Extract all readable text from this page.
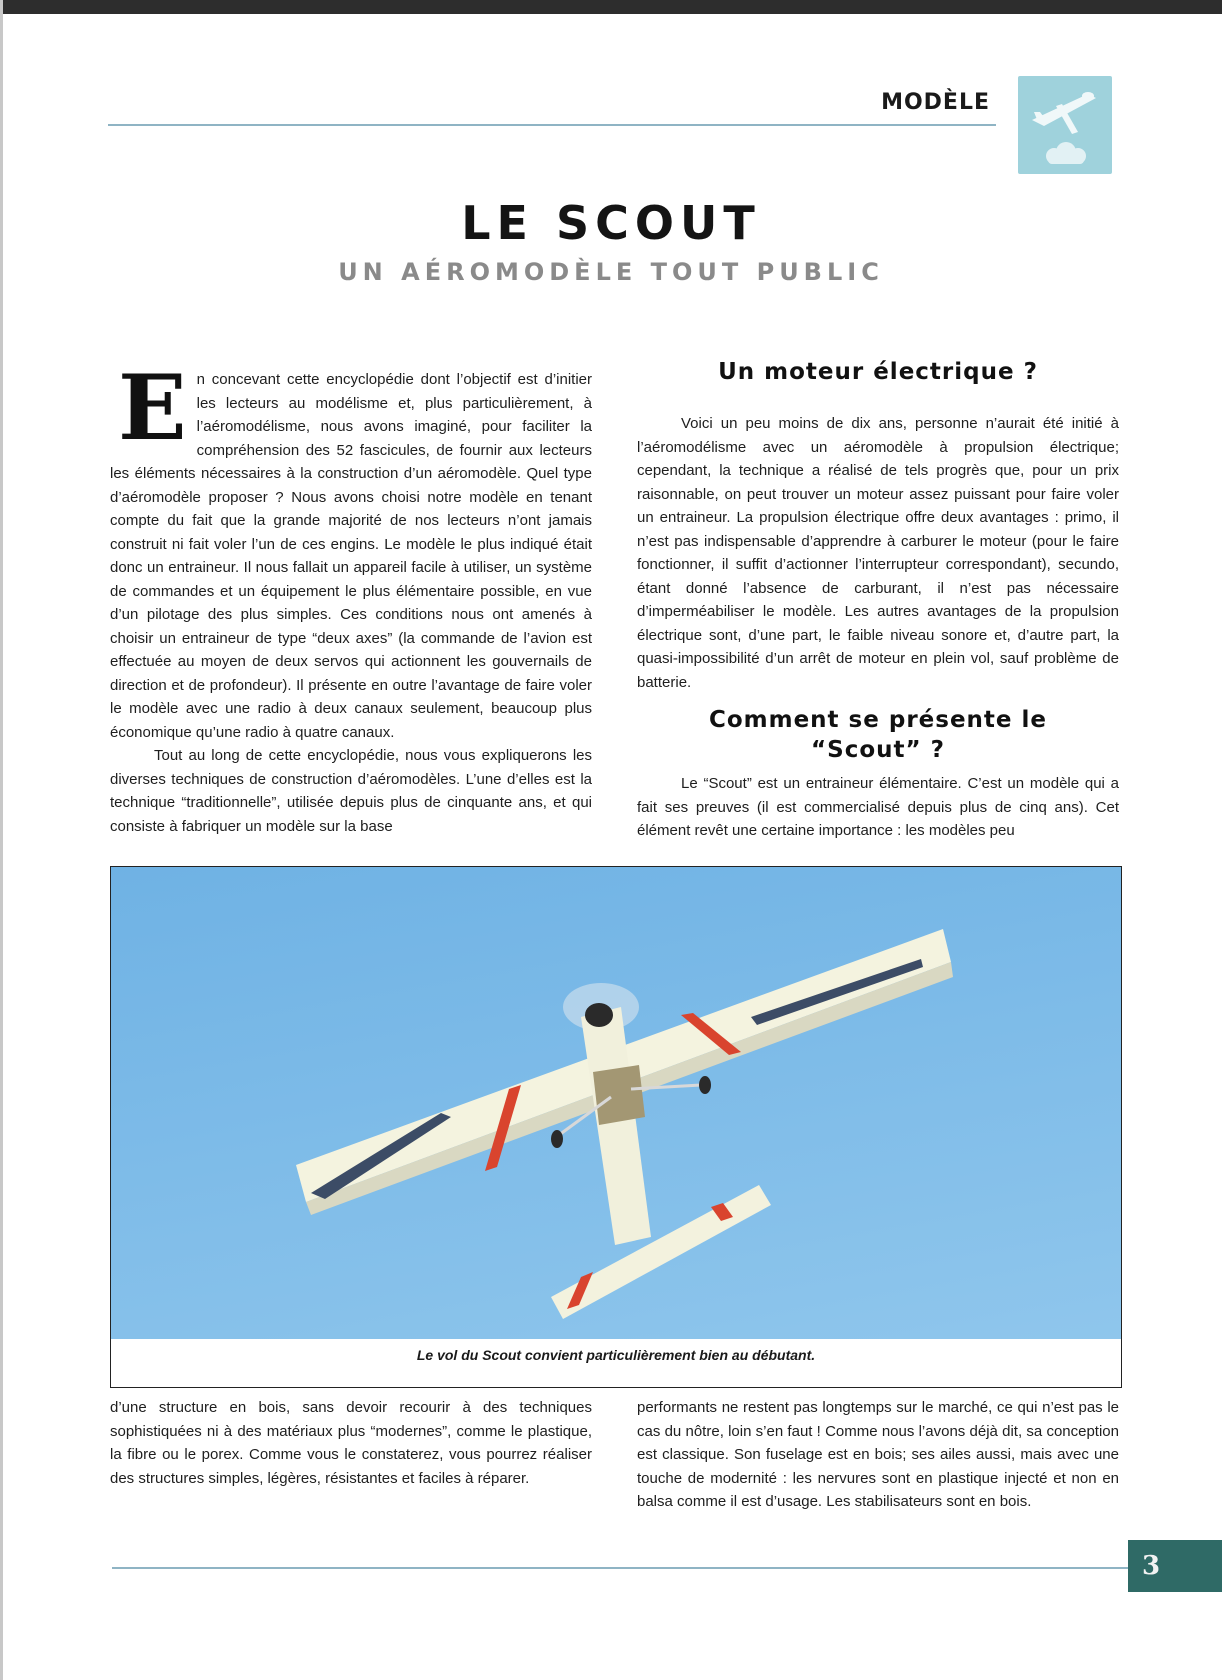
MODÈLE
LE SCOUT
UN AÉROMODÈLE TOUT PUBLIC

En concevant cette encyclopédie dont l’objectif est d’initier les lecteurs au modélisme et, plus particulièrement, à l’aéromodélisme, nous avons imaginé, pour faciliter la compréhension des 52 fascicules, de fournir aux lecteurs les éléments nécessaires à la construction d’un aéromodèle. Quel type d’aéromodèle proposer ? Nous avons choisi notre modèle en tenant compte du fait que la grande majorité de nos lecteurs n’ont jamais construit ni fait voler l’un de ces engins. Le modèle le plus indiqué était donc un entraineur. Il nous fallait un appareil facile à utiliser, un système de commandes et un équipement le plus élémentaire possible, en vue d’un pilotage des plus simples. Ces conditions nous ont amenés à choisir un entraineur de type “deux axes” (la commande de l’avion est effectuée au moyen de deux servos qui actionnent les gouvernails de direction et de profondeur). Il présente en outre l’avantage de faire voler le modèle avec une radio à deux canaux seulement, beaucoup plus économique qu’une radio à quatre canaux.

Tout au long de cette encyclopédie, nous vous expliquerons les diverses techniques de construction d’aéromodèles. L’une d’elles est la technique “traditionnelle”, utilisée depuis plus de cinquante ans, et qui consiste à fabriquer un modèle sur la base

Un moteur électrique ?

Voici un peu moins de dix ans, personne n’aurait été initié à l’aéromodélisme avec un aéromodèle à propulsion électrique; cependant, la technique a réalisé de tels progrès que, pour un prix raisonnable, on peut trouver un moteur assez puissant pour faire voler un entraineur. La propulsion électrique offre deux avantages : primo, il n’est pas indispensable d’apprendre à carburer le moteur (pour le faire fonctionner, il suffit d’actionner l’interrupteur correspondant), secundo, étant donné l’absence de carburant, il n’est pas nécessaire d’imperméabiliser le modèle. Les autres avantages de la propulsion électrique sont, d’une part, le faible niveau sonore et, d’autre part, la quasi-impossibilité d’un arrêt de moteur en plein vol, sauf problème de batterie.

Comment se présente le
“Scout” ?

Le “Scout” est un entraineur élémentaire. C’est un modèle qui a fait ses preuves (il est commercialisé depuis plus de cinq ans). Cet élément revêt une certaine importance : les modèles peu

Le vol du Scout convient particulièrement bien au débutant.

d’une structure en bois, sans devoir recourir à des techniques sophistiquées ni à des matériaux plus “modernes”, comme le plastique, la fibre ou le porex. Comme vous le constaterez, vous pourrez réaliser des structures simples, légères, résistantes et faciles à réparer.

performants ne restent pas longtemps sur le marché, ce qui n’est pas le cas du nôtre, loin s’en faut ! Comme nous l’avons déjà dit, sa conception est classique. Son fuselage est en bois; ses ailes aussi, mais avec une touche de modernité : les nervures sont en plastique injecté et non en balsa comme il est d’usage. Les stabilisateurs sont en bois.

3
